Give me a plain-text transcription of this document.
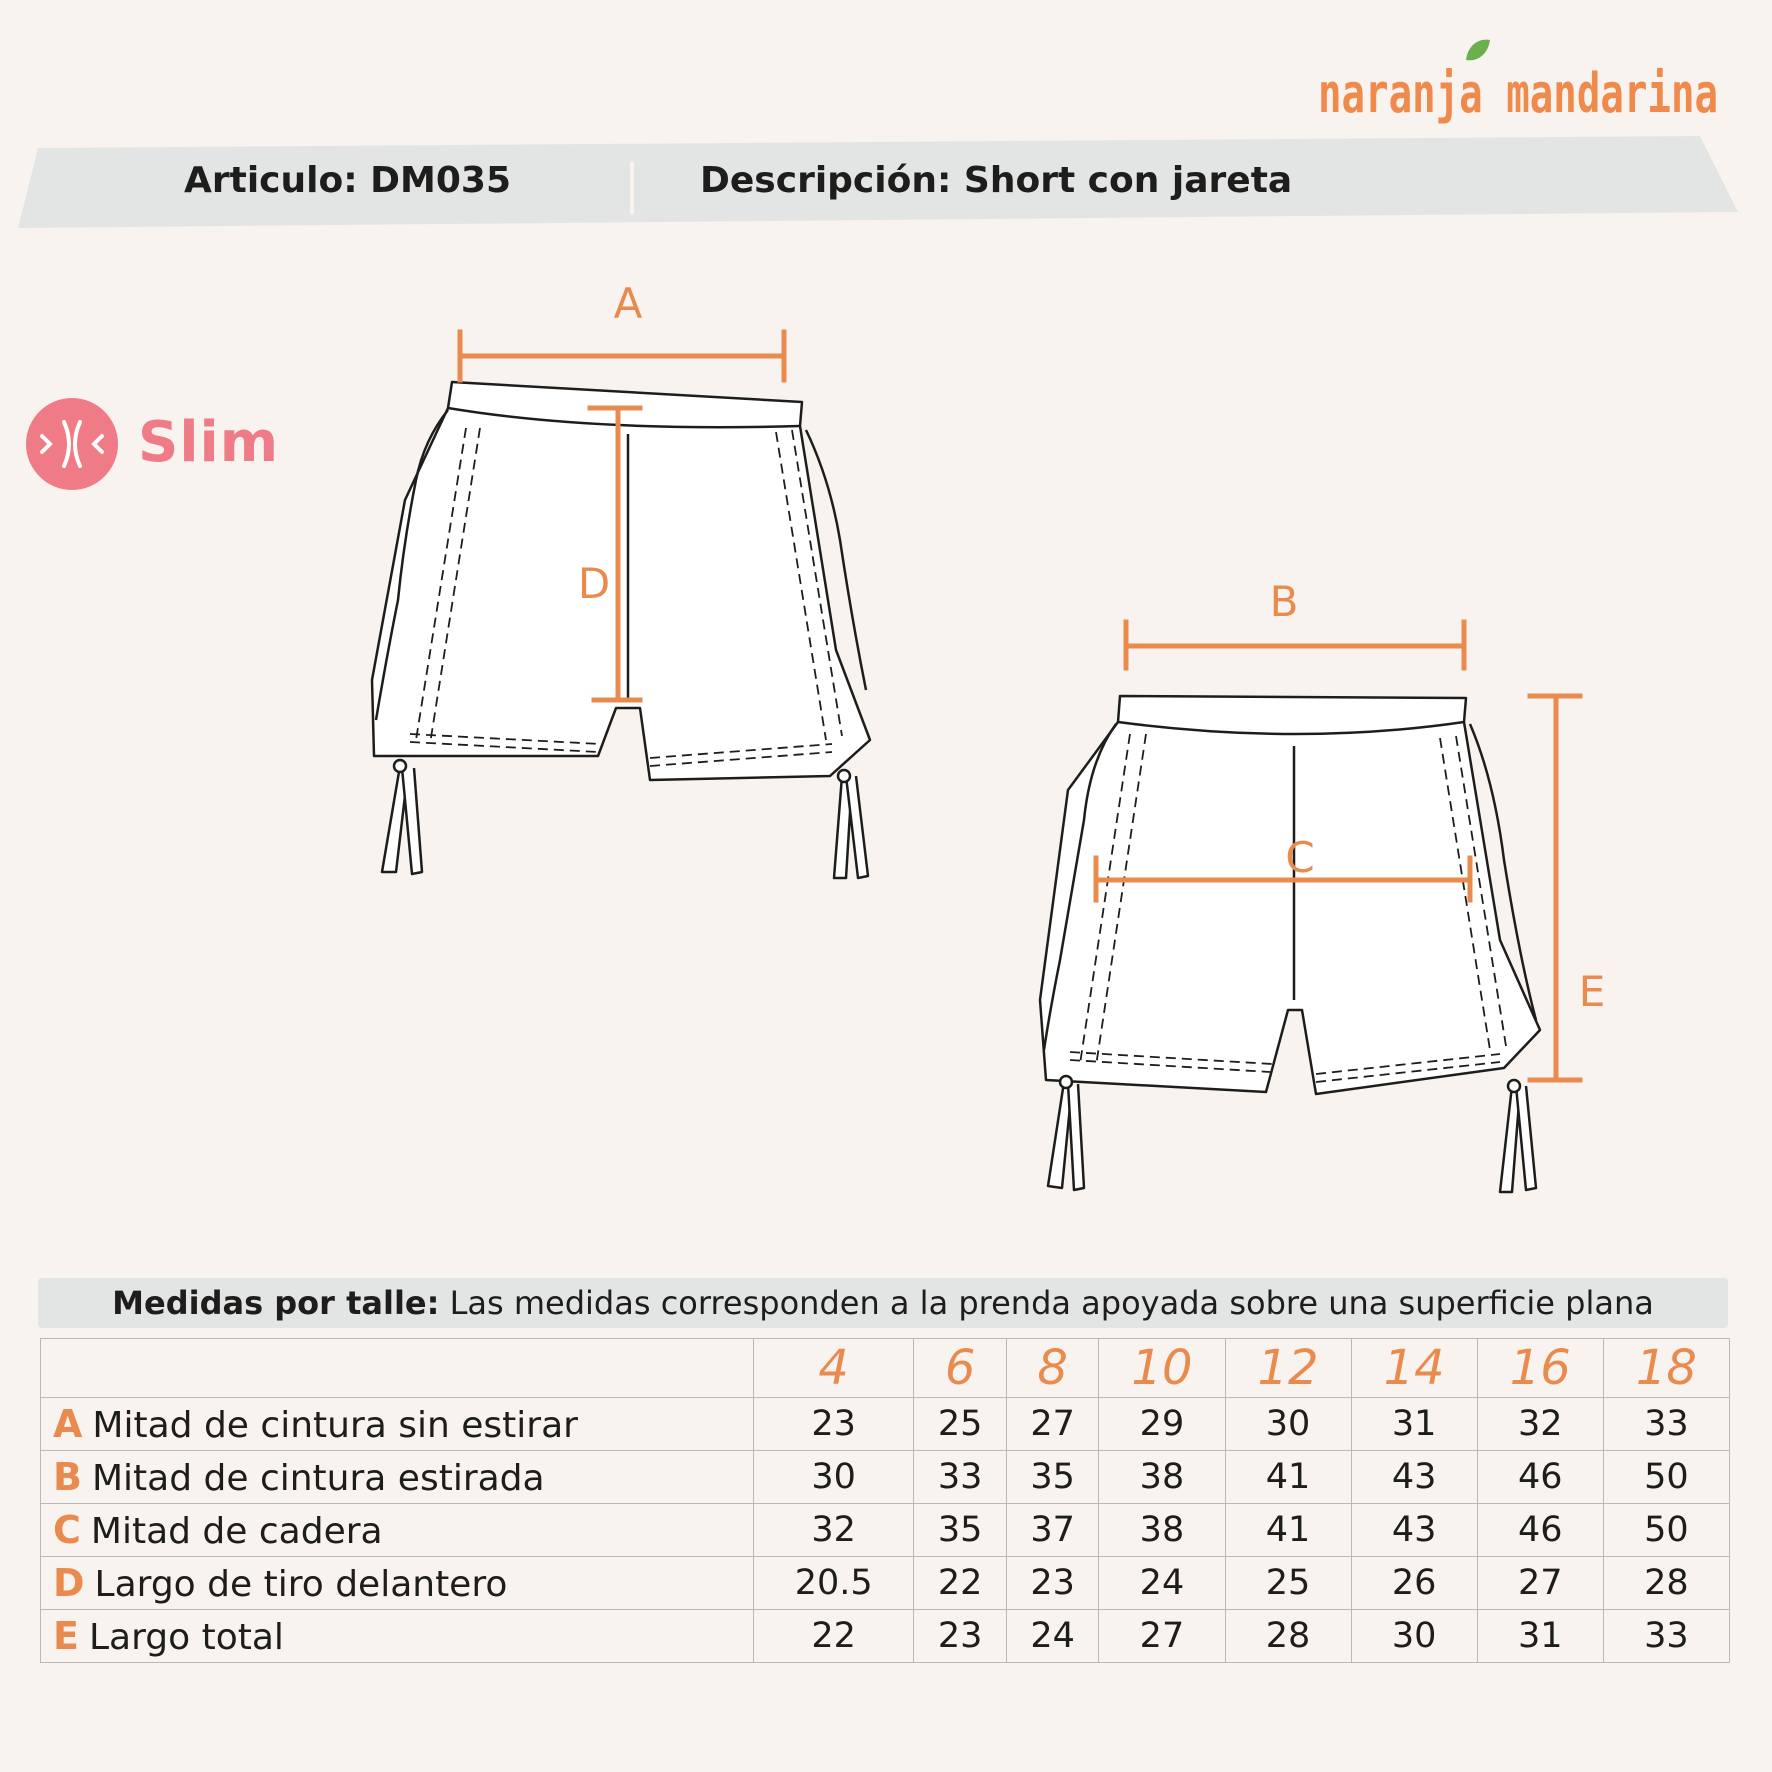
Articulo: DM035	Descripción: Short con jareta
naranja mandarina
Slim
A
D	B
C
E
Medidas por talle: Las medidas corresponden a la prenda apoyada sobre una superficie plana
	4	6	8	10	12	14	16	18
A Mitad de cintura sin estirar	23	25	27	29	30	31	32	33
B Mitad de cintura estirada	30	33	35	38	41	43	46	50
C Mitad de cadera	32	35	37	38	41	43	46	50
D Largo de tiro delantero	20.5	22	23	24	25	26	27	28
E Largo total	22	23	24	27	28	30	31	33
